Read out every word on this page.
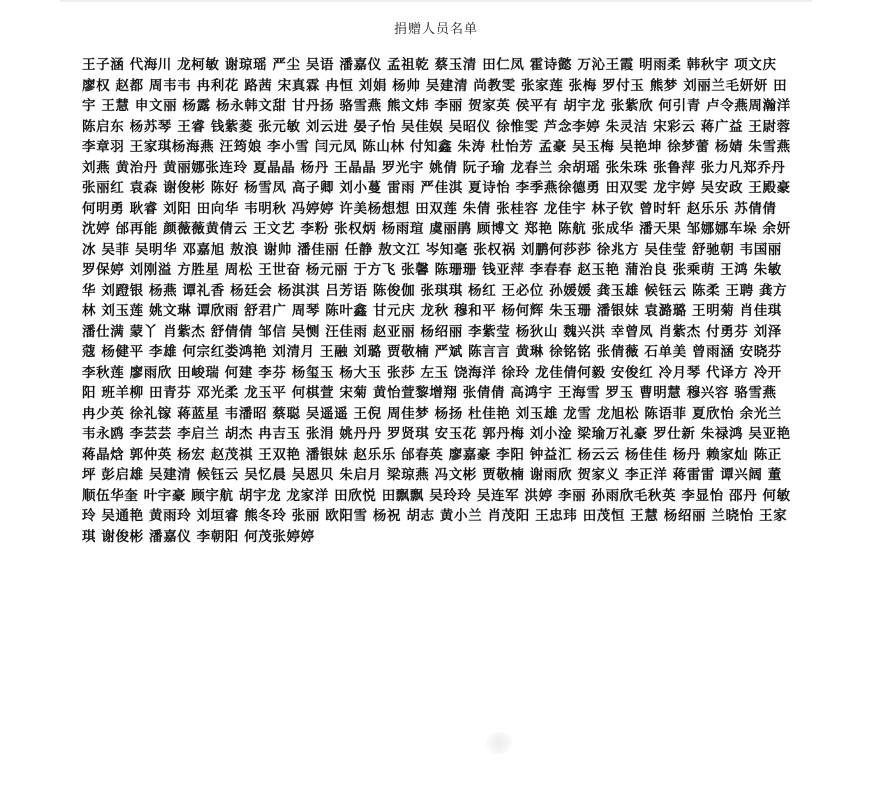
捐赠人员名单
王子涵 代海川 龙柯敏 谢琼瑶 严尘 吴语 潘嘉仪 孟祖乾 蔡玉清 田仁凤 霍诗懿 万沁王霞 明雨柔 韩秋宇 项文庆 廖权 赵都 周韦韦 冉利花 路茜 宋真霖 冉恒 刘娟 杨帅 吴建清 尚教雯 张家莲 张梅 罗付玉 熊梦 刘丽兰毛妍妍 田宇 王慧 申文丽 杨露 杨永韩文甜 甘丹扬 骆雪燕 熊文炜 李丽 贺家英 侯平有 胡宇龙 张紫欣 何引青 卢令燕周瀚洋 陈启东 杨苏琴 王睿 钱紫菱 张元敏 刘云进 晏子怡 吴佳娱 吴昭仪 徐惟雯 芦念李婷 朱灵洁 宋彩云 蒋广益 王尉蓉 李章羽 王家琪杨海燕 汪筠娘 李小雪 闫元凤 陈山林 付知鑫 朱涛 杜怡芳 孟豪 吴玉梅 吴艳坤 徐梦蕾 杨婧 朱雪燕 刘燕 黄治丹 黄丽娜张连玲 夏晶晶 杨丹 王晶晶 罗光宇 姚倩 阮子瑜 龙春兰 余胡瑶 张朱珠 张鲁萍 张力凡郑乔丹 张丽红 袁森 谢俊彬 陈好 杨雪凤 高子卿 刘小蔓 雷雨 严佳淇 夏诗怡 李季燕徐德勇 田双雯 龙宇婷 吴安政 王殿豪 何明勇 耿睿 刘阳 田向华 韦明秋 冯婷婷 许美杨想想 田双莲 朱倩 张桂容 龙佳宇 林子钦 曾时轩 赵乐乐 苏倩倩 沈婷 邰再能 颜薇薇黄倩云 王文艺 李粉 张权炳 杨雨瑄 虞丽鹃 顾博文 郑艳 陈航 张成华 潘天果 邹娜娜车垛 余妍冰 吴菲 吴明华 邓嘉旭 敖浪 谢帅 潘佳丽 任静 敖文江 岑知毫 张权祸 刘鹏何莎莎 徐兆方 吴佳莹 舒驰朝 韦国丽 罗保婷 刘刚溢 方胜星 周松 王世奋 杨元丽 于方飞 张馨 陈珊珊 钱亚萍 李春春 赵玉艳 蒲治良 张乘萌 王鸿 朱敏华 刘蹬银 杨燕 谭礼香 杨廷会 杨淇淇 吕芳语 陈俊伽 张琪琪 杨红 王必位 孙媛媛 龚玉雄 候钰云 陈柔 王聘 龚方林 刘玉莲 姚文琳 谭欣雨 舒君广 周琴 陈叶鑫 甘元庆 龙秋 穆和平 杨何辉 朱玉珊 潘银妹 袁潞璐 王明菊 肖佳琪 潘仕满 蒙丫 肖紫杰 舒倩倩 邹信 吴恻 汪佳雨 赵亚丽 杨绍丽 李紫莹 杨狄山 魏兴洪 幸曾凤 肖紫杰 付勇芬 刘泽蔻 杨健平 李雄 何宗红娄鸿艳 刘清月 王融 刘璐 贾敬楠 严斌 陈言言 黄琳 徐铭铭 张倩薇 石单美 曾雨涵 安晓芬 李秋莲 廖雨欣 田峻瑞 何建 李芬 杨玺玉 杨大玉 张莎 左玉 饶海洋 徐玲 龙佳倩何毅 安俊红 冷月琴 代译方 冷开阳 班羊柳 田青芬 邓光柔 龙玉平 何棋萱 宋菊 黄怡萱黎增翔 张倩倩 高鸿宇 王海雪 罗玉 曹明慧 穆兴容 骆雪燕 冉少英 徐礼镓 蒋蓝星 韦潘昭 蔡聪 吴遥遥 王倪 周佳梦 杨扬 杜佳艳 刘玉雄 龙雪 龙旭松 陈语菲 夏欣怡 余光兰韦永鸥 李芸芸 李启兰 胡杰 冉吉玉 张涓 姚丹丹 罗贤琪 安玉花 郭丹梅 刘小淦 梁瑜万礼豪 罗仕新 朱禄鸿 吴亚艳 蒋晶焓 郭仲英 杨宏 赵茂祺 王双艳 潘银妹 赵乐乐 邰春英 廖嘉豪 李阳 钟益汇 杨云云 杨佳佳 杨丹 赖家灿 陈正坪 彭启雄 吴建清 候钰云 吴忆晨 吴恩贝 朱启月 梁琼燕 冯文彬 贾敬楠 谢雨欣 贺家义 李正洋 蒋雷雷 谭兴阔 董顺伍华奎 叶宇豪 顾宇航 胡宇龙 龙家洋 田欣悦 田飘飘 吴玲玲 吴连军 洪婷 李丽 孙雨欣毛秋英 李显怡 邵丹 何敏玲 吴通艳 黄雨玲 刘垣睿 熊冬玲 张丽 欧阳雪 杨祝 胡志 黄小兰 肖茂阳 王忠玮 田茂恒 王慧 杨绍丽 兰晓怡 王家琪 谢俊彬 潘嘉仪 李朝阳 何茂张婷婷
